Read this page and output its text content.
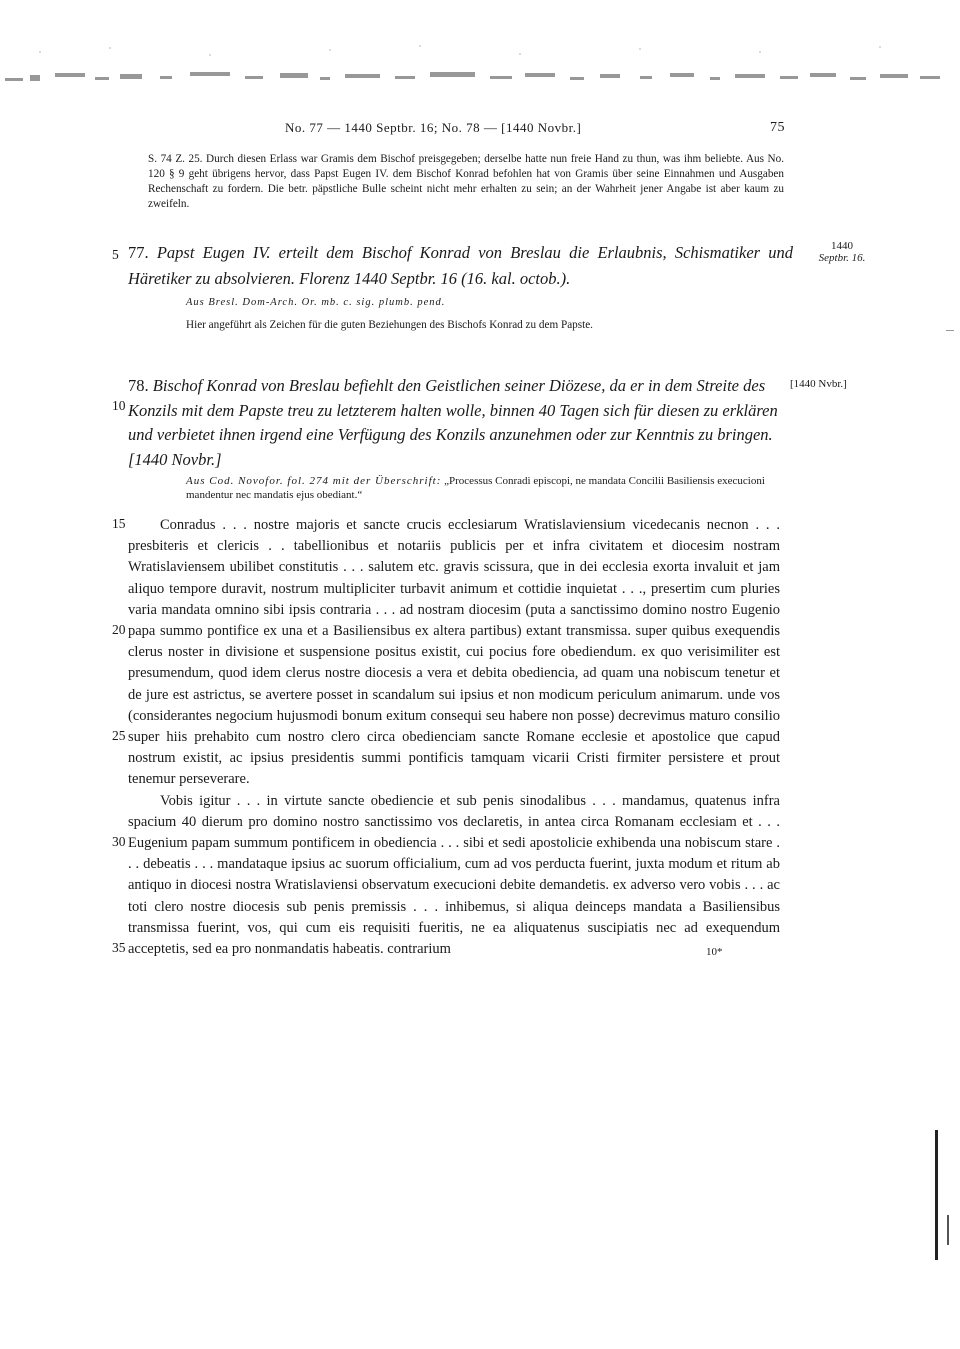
No. 77 — 1440 Septbr. 16; No. 78 — [1440 Novbr.]	75
S. 74 Z. 25. Durch diesen Erlass war Gramis dem Bischof preisgegeben; derselbe hatte nun freie Hand zu thun, was ihm beliebte. Aus No. 120 § 9 geht übrigens hervor, dass Papst Eugen IV. dem Bischof Konrad befohlen hat von Gramis über seine Einnahmen und Ausgaben Rechenschaft zu fordern. Die betr. päpstliche Bulle scheint nicht mehr erhalten zu sein; an der Wahrheit jener Angabe ist aber kaum zu zweifeln.
5
10
15
20
25
30
35
77. Papst Eugen IV. erteilt dem Bischof Konrad von Breslau die Erlaubnis, Schismatiker und Häretiker zu absolvieren. Florenz 1440 Septbr. 16 (16. kal. octob.).
1440
Septbr. 16.
Aus Bresl. Dom-Arch. Or. mb. c. sig. plumb. pend.
Hier angeführt als Zeichen für die guten Beziehungen des Bischofs Konrad zu dem Papste.
78. Bischof Konrad von Breslau befiehlt den Geistlichen seiner Diözese, da er in dem Streite des Konzils mit dem Papste treu zu letzterem halten wolle, binnen 40 Tagen sich für diesen zu erklären und verbietet ihnen irgend eine Verfügung des Konzils anzunehmen oder zur Kenntnis zu bringen. [1440 Novbr.]
[1440 Nvbr.]
Aus Cod. Novofor. fol. 274 mit der Überschrift: „Processus Conradi episcopi, ne mandata Concilii Basiliensis execucioni mandentur nec mandatis ejus obediant.“

Conradus . . . nostre majoris et sancte crucis ecclesiarum Wratislaviensium vicedecanis necnon . . . presbiteris et clericis . . tabellionibus et notariis publicis per et infra civitatem et diocesim nostram Wratislaviensem ubilibet constitutis . . . salutem etc. gravis scissura, que in dei ecclesia exorta invaluit et jam aliquo tempore duravit, nostrum multipliciter turbavit animum et cottidie inquietat . . ., presertim cum pluries varia mandata omnino sibi ipsis contraria . . . ad nostram diocesim (puta a sanctissimo domino nostro Eugenio papa summo pontifice ex una et a Basiliensibus ex altera partibus) extant transmissa. super quibus exequendis clerus noster in divisione et suspensione positus existit, cui pocius fore obediendum. ex quo verisimiliter est presumendum, quod idem clerus nostre diocesis a vera et debita obediencia, ad quam una nobiscum tenetur et de jure est astrictus, se avertere posset in scandalum sui ipsius et non modicum periculum animarum. unde vos (considerantes negocium hujusmodi bonum exitum consequi seu habere non posse) decrevimus maturo consilio super hiis prehabito cum nostro clero circa obedienciam sancte Romane ecclesie et apostolice que capud nostrum existit, ac ipsius presidentis summi pontificis tamquam vicarii Cristi firmiter persistere et prout tenemur perseverare.

Vobis igitur . . . in virtute sancte obediencie et sub penis sinodalibus . . . mandamus, quatenus infra spacium 40 dierum pro domino nostro sanctissimo vos declaretis, in antea circa Romanam ecclesiam et . . . Eugenium papam summum pontificem in obediencia . . . sibi et sedi apostolicie exhibenda una nobiscum stare . . . debeatis . . . mandataque ipsius ac suorum officialium, cum ad vos perducta fuerint, juxta modum et ritum ab antiquo in diocesi nostra Wratislaviensi observatum execucioni debite demandetis. ex adverso vero vobis . . . ac toti clero nostre diocesis sub penis premissis . . . inhibemus, si aliqua deinceps mandata a Basiliensibus transmissa fuerint, vos, qui cum eis requisiti fueritis, ne ea aliquatenus suscipiatis nec ad exequendum acceptetis, sed ea pro nonmandatis habeatis. contrarium	10*
